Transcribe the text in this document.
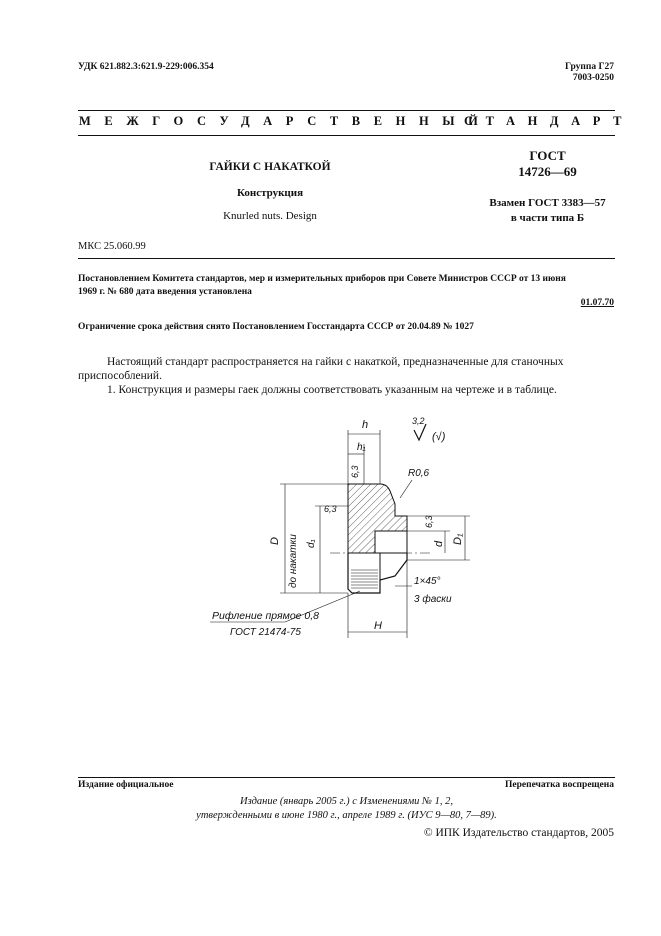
УДК 621.882.3:621.9-229:006.354	Группа Г27
7003-0250
МЕЖГОСУДАРСТВЕННЫЙ
СТАНДАРТ
ГАЙКИ С НАКАТКОЙ
Конструкция
Knurled nuts. Design
ГОСТ
14726—69
Взамен ГОСТ 3383—57
в части типа Б
МКС 25.060.99
Постановлением Комитета стандартов, мер и измерительных приборов при Совете Министров СССР от 13 июня
1969 г. № 680 дата введения установлена
01.07.70
Ограничение срока действия снято Постановлением Госстандарта СССР от 20.04.89 № 1027
Настоящий стандарт распространяется на гайки с накаткой, предназначенные для станочных
приспособлений.
1. Конструкция и размеры гаек должны соответствовать указанным на чертеже и в таблице.
3,2
(√)
h
h₁
R0,6
6,3
6,3
6,3
D до накатки d₁	d D₁
1×45°
3 фаски
Рифление прямое 0,8
ГОСТ 21474-75
H
Издание официальное	Перепечатка воспрещена
Издание (январь 2005 г.) с Изменениями № 1, 2,
утвержденными в июне 1980 г., апреле 1989 г. (ИУС 9—80, 7—89).
© ИПК Издательство стандартов, 2005
